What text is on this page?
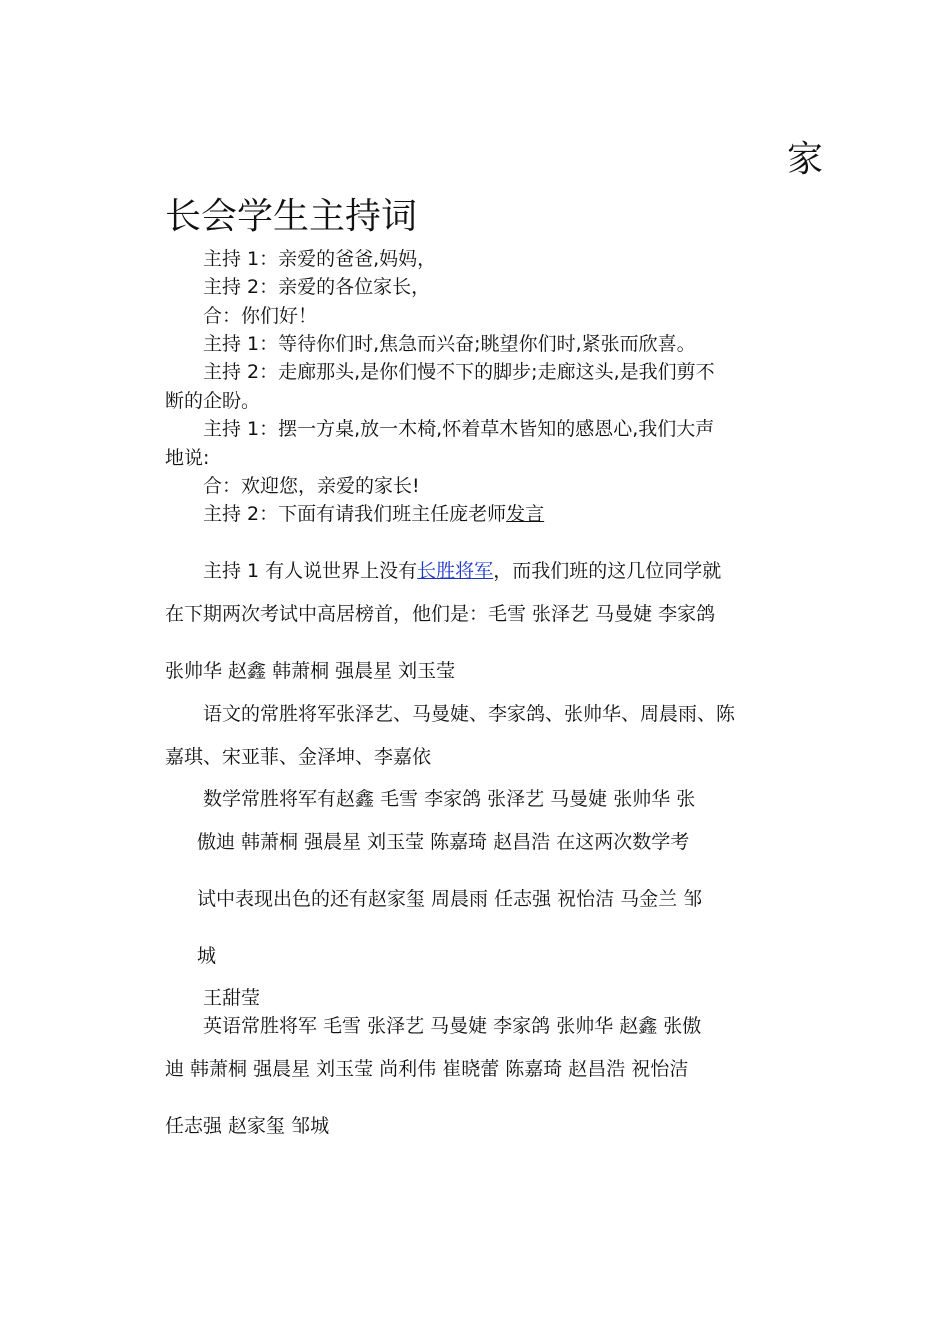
家
长会学生主持词
主持 1：亲爱的爸爸,妈妈，
主持 2：亲爱的各位家长，
合：你们好！
主持 1：等待你们时,焦急而兴奋;眺望你们时,紧张而欣喜。
主持 2：走廊那头,是你们慢不下的脚步;走廊这头,是我们剪不
断的企盼。
主持 1：摆一方桌,放一木椅,怀着草木皆知的感恩心,我们大声
地说:
合：欢迎您，亲爱的家长!
主持 2：下面有请我们班主任庞老师发言
主持 1 有人说世界上没有长胜将军，而我们班的这几位同学就
在下期两次考试中高居榜首，他们是：毛雪 张泽艺 马曼婕 李家鸽
张帅华 赵鑫 韩萧桐 强晨星 刘玉莹
语文的常胜将军张泽艺、马曼婕、李家鸽、张帅华、周晨雨、陈
嘉琪、宋亚菲、金泽坤、李嘉依
数学常胜将军有赵鑫 毛雪 李家鸽 张泽艺 马曼婕 张帅华 张
傲迪 韩萧桐 强晨星 刘玉莹 陈嘉琦 赵昌浩 在这两次数学考
试中表现出色的还有赵家玺 周晨雨 任志强 祝怡洁 马金兰 邹
城
王甜莹
英语常胜将军 毛雪 张泽艺 马曼婕 李家鸽 张帅华 赵鑫 张傲
迪 韩萧桐 强晨星 刘玉莹 尚利伟 崔晓蕾 陈嘉琦 赵昌浩 祝怡洁
任志强 赵家玺 邹城
